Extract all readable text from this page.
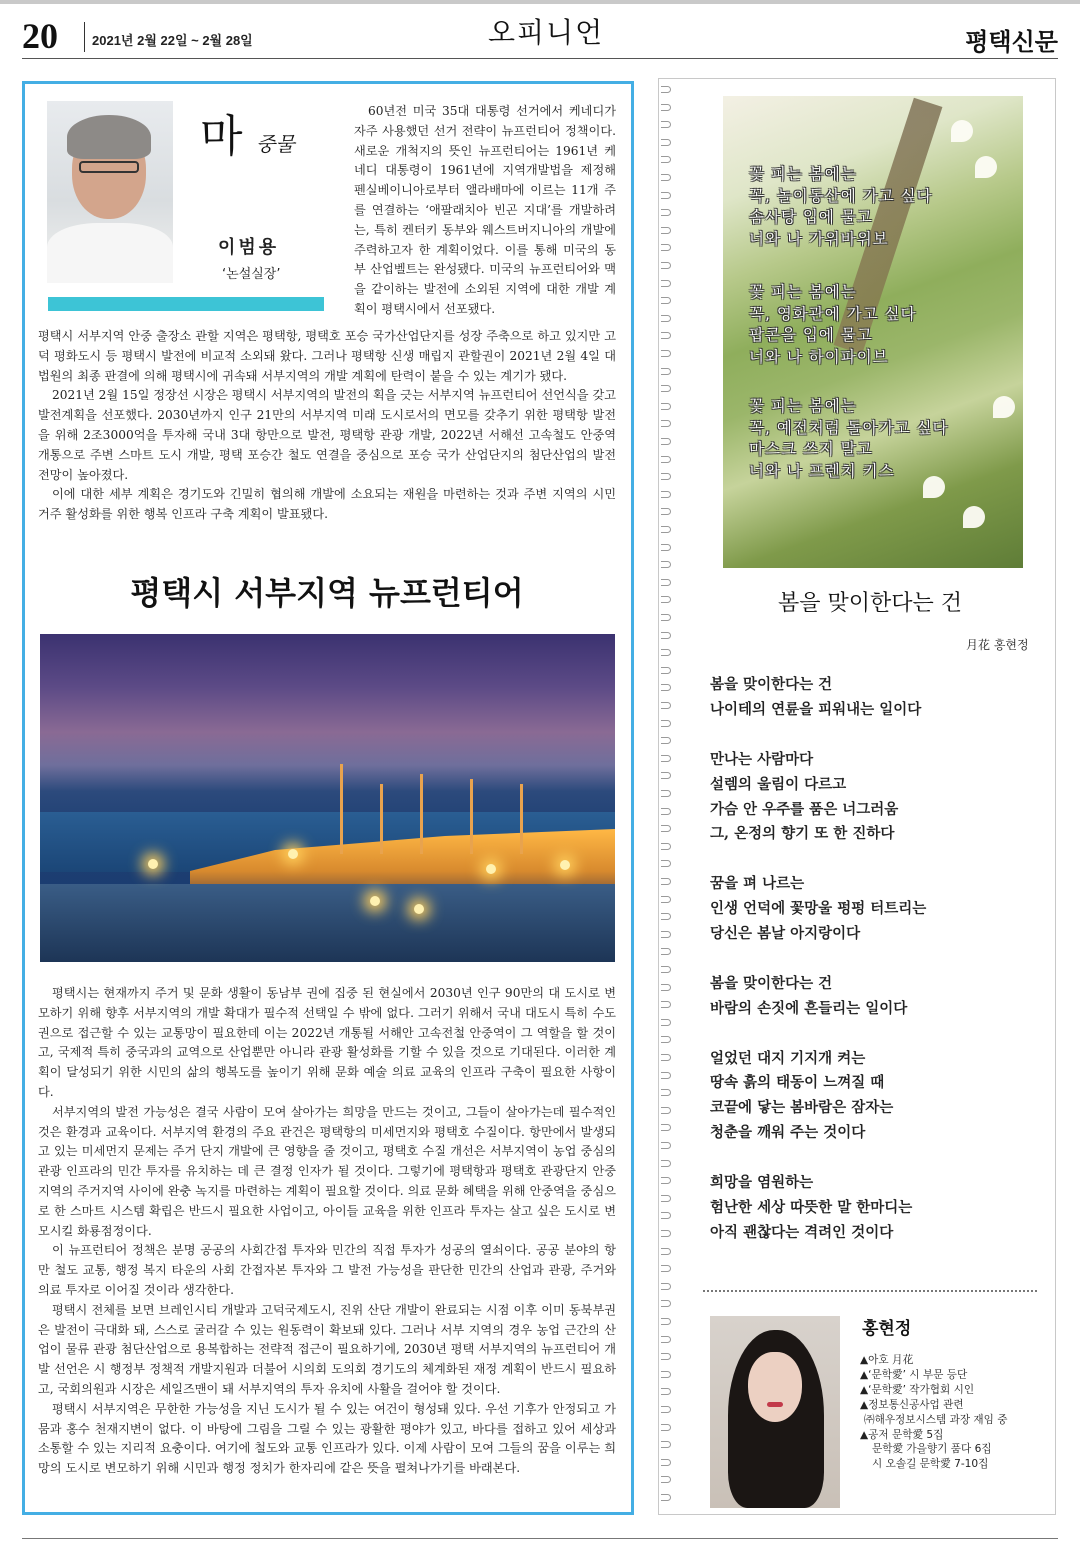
20	2021년 2월 22일 ~ 2월 28일	오피니언	평택신문
마 중물
이범용
‘논설실장’

60년전 미국 35대 대통령 선거에서 케네디가 자주 사용했던 선거 전략이 뉴프런티어 정책이다. 새로운 개척지의 뜻인 뉴프런티어는 1961년 케네디 대통령이 1961년에 지역개발법을 제정해 펜실베이니아로부터 앨라배마에 이르는 11개 주를 연결하는 ‘애팔래치아 빈곤 지대’를 개발하려는, 특히 켄터키 동부와 웨스트버지니아의 개발에 주력하고자 한 계획이었다. 이를 통해 미국의 동부 산업벨트는 완성됐다. 미국의 뉴프런티어와 맥을 같이하는 발전에 소외된 지역에 대한 개발 계획이 평택시에서 선포됐다.

평택시 서부지역 안중 출장소 관할 지역은 평택항, 평택호 포승 국가산업단지를 성장 주축으로 하고 있지만 고덕 평화도시 등 평택시 발전에 비교적 소외돼 왔다. 그러나 평택항 신생 매립지 관할권이 2021년 2월 4일 대법원의 최종 판결에 의해 평택시에 귀속돼 서부지역의 개발 계획에 탄력이 붙을 수 있는 계기가 됐다.

2021년 2월 15일 정장선 시장은 평택시 서부지역의 발전의 획을 긋는 서부지역 뉴프런티어 선언식을 갖고 발전계획을 선포했다. 2030년까지 인구 21만의 서부지역 미래 도시로서의 면모를 갖추기 위한 평택항 발전을 위해 2조3000억을 투자해 국내 3대 항만으로 발전, 평택항 관광 개발, 2022년 서해선 고속철도 안중역 개통으로 주변 스마트 도시 개발, 평택 포승간 철도 연결을 중심으로 포승 국가 산업단지의 첨단산업의 발전 전망이 높아졌다.

이에 대한 세부 계획은 경기도와 긴밀히 협의해 개발에 소요되는 재원을 마련하는 것과 주변 지역의 시민 거주 활성화를 위한 행복 인프라 구축 계획이 발표됐다.

평택시 서부지역 뉴프런티어

평택시는 현재까지 주거 및 문화 생활이 동남부 권에 집중 된 현실에서 2030년 인구 90만의 대 도시로 변모하기 위해 향후 서부지역의 개발 확대가 필수적 선택일 수 밖에 없다. 그러기 위해서 국내 대도시 특히 수도권으로 접근할 수 있는 교통망이 필요한데 이는 2022년 개통될 서해안 고속전철 안중역이 그 역할을 할 것이고, 국제적 특히 중국과의 교역으로 산업뿐만 아니라 관광 활성화를 기할 수 있을 것으로 기대된다. 이러한 계획이 달성되기 위한 시민의 삶의 행복도를 높이기 위해 문화 예술 의료 교육의 인프라 구축이 필요한 사항이다.

서부지역의 발전 가능성은 결국 사람이 모여 살아가는 희망을 만드는 것이고, 그들이 살아가는데 필수적인 것은 환경과 교육이다. 서부지역 환경의 주요 관건은 평택항의 미세먼지와 평택호 수질이다. 항만에서 발생되고 있는 미세먼지 문제는 주거 단지 개발에 큰 영향을 줄 것이고, 평택호 수질 개선은 서부지역이 농업 중심의 관광 인프라의 민간 투자를 유치하는 데 큰 결정 인자가 될 것이다. 그렇기에 평택항과 평택호 관광단지 안중지역의 주거지역 사이에 완충 녹지를 마련하는 계획이 필요할 것이다. 의료 문화 혜택을 위해 안중역을 중심으로 한 스마트 시스템 확립은 반드시 필요한 사업이고, 아이들 교육을 위한 인프라 투자는 살고 싶은 도시로 변모시킬 화룡점정이다.

이 뉴프런티어 정책은 분명 공공의 사회간접 투자와 민간의 직접 투자가 성공의 열쇠이다. 공공 분야의 항만 철도 교통, 행정 복지 타운의 사회 간접자본 투자와 그 발전 가능성을 판단한 민간의 산업과 관광, 주거와 의료 투자로 이어질 것이라 생각한다.

평택시 전체를 보면 브레인시티 개발과 고덕국제도시, 진위 산단 개발이 완료되는 시점 이후 이미 동북부권은 발전이 극대화 돼, 스스로 굴러갈 수 있는 원동력이 확보돼 있다. 그러나 서부 지역의 경우 농업 근간의 산업이 물류 관광 첨단산업으로 용복합하는 전략적 접근이 필요하기에, 2030년 평택 서부지역의 뉴프런티어 개발 선언은 시 행정부 정책적 개발지원과 더불어 시의회 도의회 경기도의 체계화된 재정 계획이 반드시 필요하고, 국회의원과 시장은 세일즈맨이 돼 서부지역의 투자 유치에 사활을 걸어야 할 것이다.

평택시 서부지역은 무한한 가능성을 지닌 도시가 될 수 있는 여건이 형성돼 있다. 우선 기후가 안정되고 가뭄과 홍수 천재지변이 없다. 이 바탕에 그림을 그릴 수 있는 광활한 평야가 있고, 바다를 접하고 있어 세상과 소통할 수 있는 지리적 요충이다. 여기에 철도와 교통 인프라가 있다. 이제 사람이 모여 그들의 꿈을 이루는 희망의 도시로 변모하기 위해 시민과 행정 정치가 한자리에 같은 뜻을 펼쳐나가기를 바래본다.

꽃 피는 봄에는
꼭, 놀이동산에 가고 싶다
솜사탕 입에 물고
너와 나 가위바위보
꽃 피는 봄에는
꼭, 영화관에 가고 싶다
팝콘을 입에 물고
너와 나 하이파이브
꽃 피는 봄에는
꼭, 예전처럼 돌아가고 싶다
마스크 쓰지 말고
너와 나 프렌치 키스
봄을 맞이한다는 건
月花 홍현정
봄을 맞이한다는 건
나이테의 연륜을 피워내는 일이다
만나는 사람마다
설렘의 울림이 다르고
가슴 안 우주를 품은 너그러움
그, 온정의 향기 또 한 진하다
꿈을 펴 나르는
인생 언덕에 꽃망울 펑펑 터트리는
당신은 봄날 아지랑이다
봄을 맞이한다는 건
바람의 손짓에 흔들리는 일이다
얼었던 대지 기지개 켜는
땅속 흙의 태동이 느껴질 때
코끝에 닿는 봄바람은 잠자는
청춘을 깨워 주는 것이다
희망을 염원하는
험난한 세상 따뜻한 말 한마디는
아직 괜찮다는 격려인 것이다
홍현정
▲아호 月花
▲‘문학愛’ 시 부문 등단
▲‘문학愛’ 작가협회 시인
▲정보통신공사업 관련
㈜해우정보시스템 과장 재임 중
▲공저 문학愛 5집
문학愛 가을향기 품다 6집
시 오솔길 문학愛 7-10집
